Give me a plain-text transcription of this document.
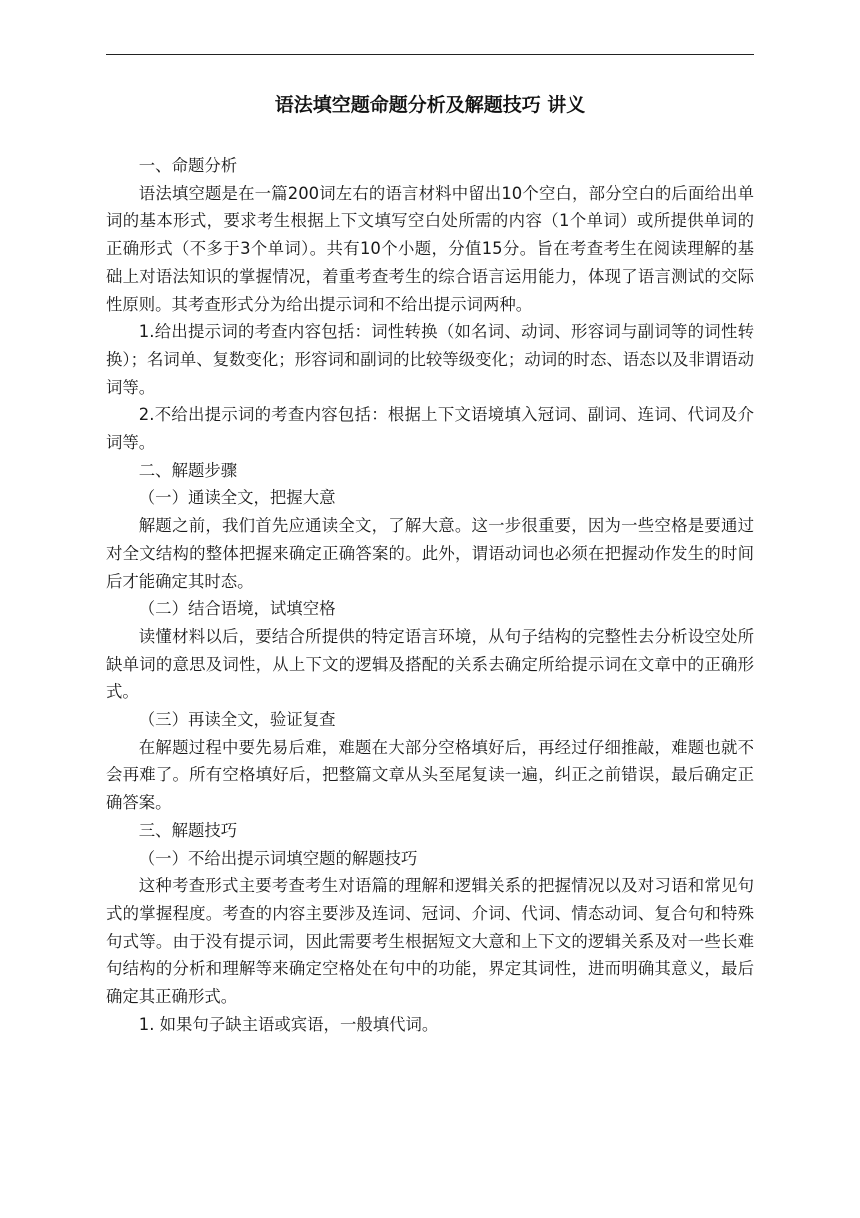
语法填空题命题分析及解题技巧 讲义

一、命题分析

语法填空题是在一篇200词左右的语言材料中留出10个空白，部分空白的后面给出单词的基本形式，要求考生根据上下文填写空白处所需的内容（1个单词）或所提供单词的正确形式（不多于3个单词）。共有10个小题，分值15分。旨在考查考生在阅读理解的基础上对语法知识的掌握情况，着重考查考生的综合语言运用能力，体现了语言测试的交际性原则。其考查形式分为给出提示词和不给出提示词两种。

1.给出提示词的考查内容包括：词性转换（如名词、动词、形容词与副词等的词性转换）；名词单、复数变化；形容词和副词的比较等级变化；动词的时态、语态以及非谓语动词等。

2.不给出提示词的考查内容包括：根据上下文语境填入冠词、副词、连词、代词及介词等。

二、解题步骤

（一）通读全文，把握大意

解题之前，我们首先应通读全文，了解大意。这一步很重要，因为一些空格是要通过对全文结构的整体把握来确定正确答案的。此外，谓语动词也必须在把握动作发生的时间后才能确定其时态。

（二）结合语境，试填空格

读懂材料以后，要结合所提供的特定语言环境，从句子结构的完整性去分析设空处所缺单词的意思及词性，从上下文的逻辑及搭配的关系去确定所给提示词在文章中的正确形式。

（三）再读全文，验证复查

在解题过程中要先易后难，难题在大部分空格填好后，再经过仔细推敲，难题也就不会再难了。所有空格填好后，把整篇文章从头至尾复读一遍，纠正之前错误，最后确定正确答案。

三、解题技巧

（一）不给出提示词填空题的解题技巧

这种考查形式主要考查考生对语篇的理解和逻辑关系的把握情况以及对习语和常见句式的掌握程度。考查的内容主要涉及连词、冠词、介词、代词、情态动词、复合句和特殊句式等。由于没有提示词，因此需要考生根据短文大意和上下文的逻辑关系及对一些长难句结构的分析和理解等来确定空格处在句中的功能，界定其词性，进而明确其意义，最后确定其正确形式。

1. 如果句子缺主语或宾语，一般填代词。
